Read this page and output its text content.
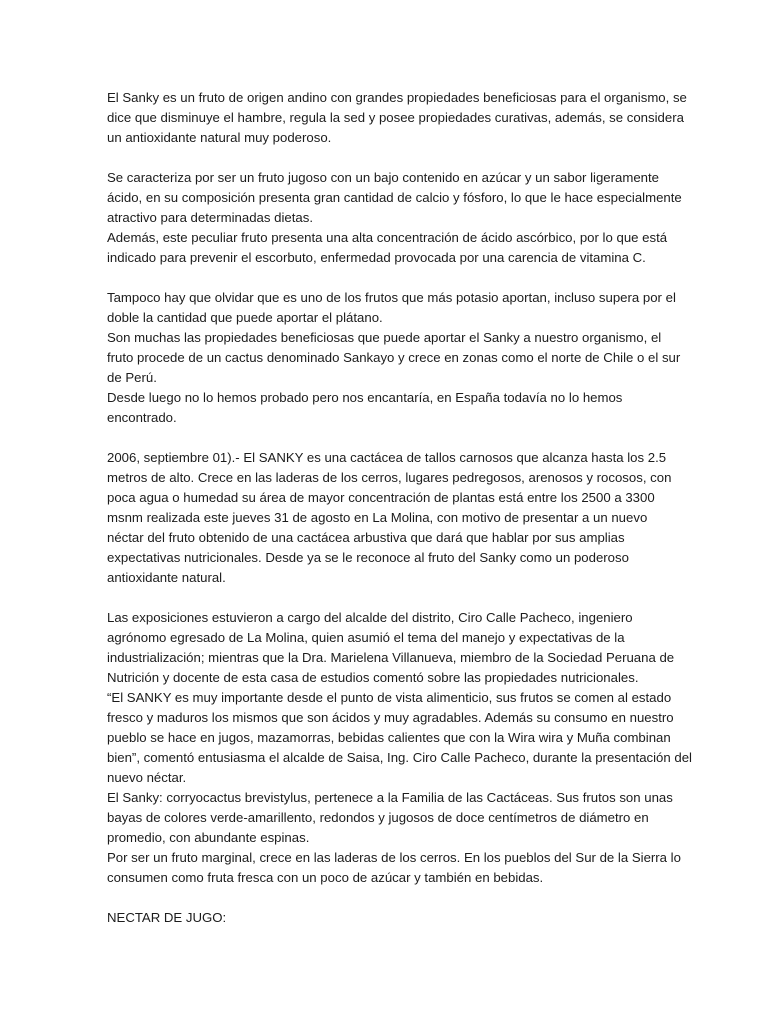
El Sanky es un fruto de origen andino con grandes propiedades beneficiosas para el organismo, se
dice que disminuye el hambre, regula la sed y posee propiedades curativas, además, se considera
un antioxidante natural muy poderoso.
Se caracteriza por ser un fruto jugoso con un bajo contenido en azúcar y un sabor ligeramente
ácido, en su composición presenta gran cantidad de calcio y fósforo, lo que le hace especialmente
atractivo para determinadas dietas.
Además, este peculiar fruto presenta una alta concentración de ácido ascórbico, por lo que está
indicado para prevenir el escorbuto, enfermedad provocada por una carencia de vitamina C.
Tampoco hay que olvidar que es uno de los frutos que más potasio aportan, incluso supera por el
doble la cantidad que puede aportar el plátano.
Son muchas las propiedades beneficiosas que puede aportar el Sanky a nuestro organismo, el
fruto procede de un cactus denominado Sankayo y crece en zonas como el norte de Chile o el sur
de Perú.
Desde luego no lo hemos probado pero nos encantaría, en España todavía no lo hemos
encontrado.
2006, septiembre 01).- El SANKY es una cactácea de tallos carnosos que alcanza hasta los 2.5
metros de alto. Crece en las laderas de los cerros, lugares pedregosos, arenosos y rocosos, con
poca agua o humedad su área de mayor concentración de plantas está entre los 2500 a 3300
msnm realizada este jueves 31 de agosto en La Molina, con motivo de presentar a un nuevo
néctar del fruto obtenido de una cactácea arbustiva que dará que hablar por sus amplias
expectativas nutricionales. Desde ya se le reconoce al fruto del Sanky como un poderoso
antioxidante natural.
Las exposiciones estuvieron a cargo del alcalde del distrito, Ciro Calle Pacheco, ingeniero
agrónomo egresado de La Molina, quien asumió el tema del manejo y expectativas de la
industrialización; mientras que la Dra. Marielena Villanueva, miembro de la Sociedad Peruana de
Nutrición y docente de esta casa de estudios comentó sobre las propiedades nutricionales.
“El SANKY es muy importante desde el punto de vista alimenticio, sus frutos se comen al estado
fresco y maduros los mismos que son ácidos y muy agradables. Además su consumo en nuestro
pueblo se hace en jugos, mazamorras, bebidas calientes que con la Wira wira y Muña combinan
bien”, comentó entusiasma el alcalde de Saisa, Ing. Ciro Calle Pacheco, durante la presentación del
nuevo néctar.
El Sanky: corryocactus brevistylus, pertenece a la Familia de las Cactáceas. Sus frutos son unas
bayas de colores verde-amarillento, redondos y jugosos de doce centímetros de diámetro en
promedio, con abundante espinas.
Por ser un fruto marginal, crece en las laderas de los cerros. En los pueblos del Sur de la Sierra lo
consumen como fruta fresca con un poco de azúcar y también en bebidas.

NECTAR DE JUGO:
